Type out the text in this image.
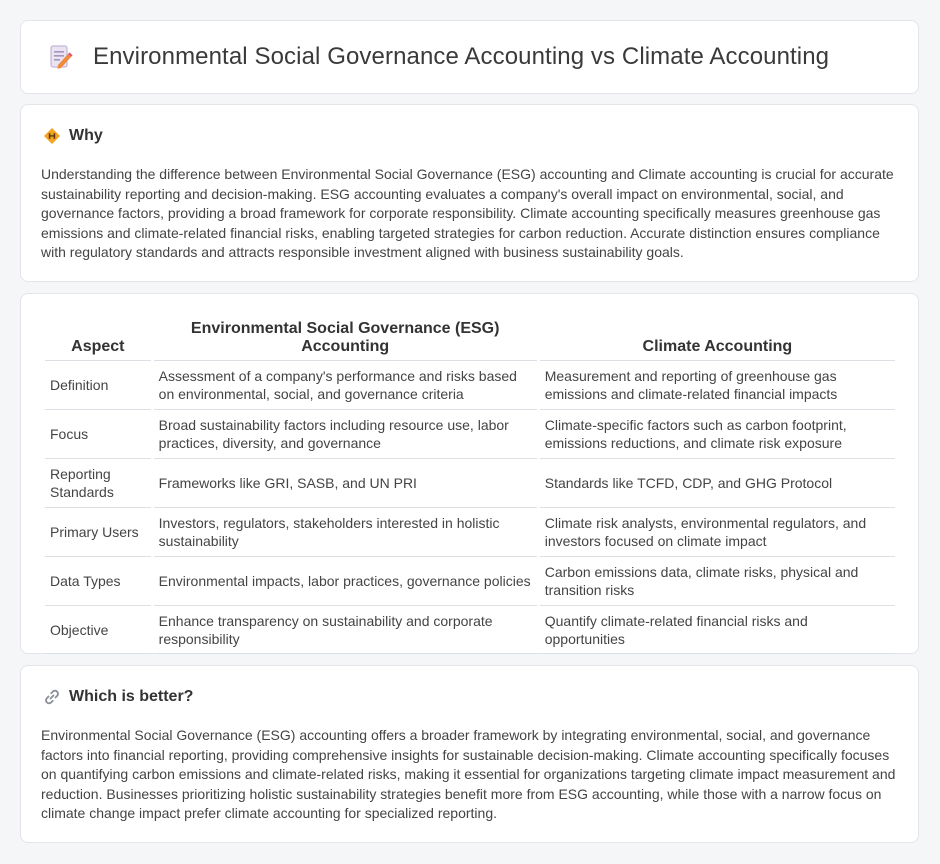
Environmental Social Governance Accounting vs Climate Accounting
Why

Understanding the difference between Environmental Social Governance (ESG) accounting and Climate accounting is crucial for accurate sustainability reporting and decision-making. ESG accounting evaluates a company's overall impact on environmental, social, and governance factors, providing a broad framework for corporate responsibility. Climate accounting specifically measures greenhouse gas emissions and climate-related financial risks, enabling targeted strategies for carbon reduction. Accurate distinction ensures compliance with regulatory standards and attracts responsible investment aligned with business sustainability goals.

Aspect	Environmental Social Governance (ESG) Accounting	Climate Accounting
Definition	Assessment of a company's performance and risks based on environmental, social, and governance criteria	Measurement and reporting of greenhouse gas emissions and climate-related financial impacts
Focus	Broad sustainability factors including resource use, labor practices, diversity, and governance	Climate-specific factors such as carbon footprint, emissions reductions, and climate risk exposure
Reporting Standards	Frameworks like GRI, SASB, and UN PRI	Standards like TCFD, CDP, and GHG Protocol
Primary Users	Investors, regulators, stakeholders interested in holistic sustainability	Climate risk analysts, environmental regulators, and investors focused on climate impact
Data Types	Environmental impacts, labor practices, governance policies	Carbon emissions data, climate risks, physical and transition risks
Objective	Enhance transparency on sustainability and corporate responsibility	Quantify climate-related financial risks and opportunities
Which is better?

Environmental Social Governance (ESG) accounting offers a broader framework by integrating environmental, social, and governance factors into financial reporting, providing comprehensive insights for sustainable decision-making. Climate accounting specifically focuses on quantifying carbon emissions and climate-related risks, making it essential for organizations targeting climate impact measurement and reduction. Businesses prioritizing holistic sustainability strategies benefit more from ESG accounting, while those with a narrow focus on climate change impact prefer climate accounting for specialized reporting.
